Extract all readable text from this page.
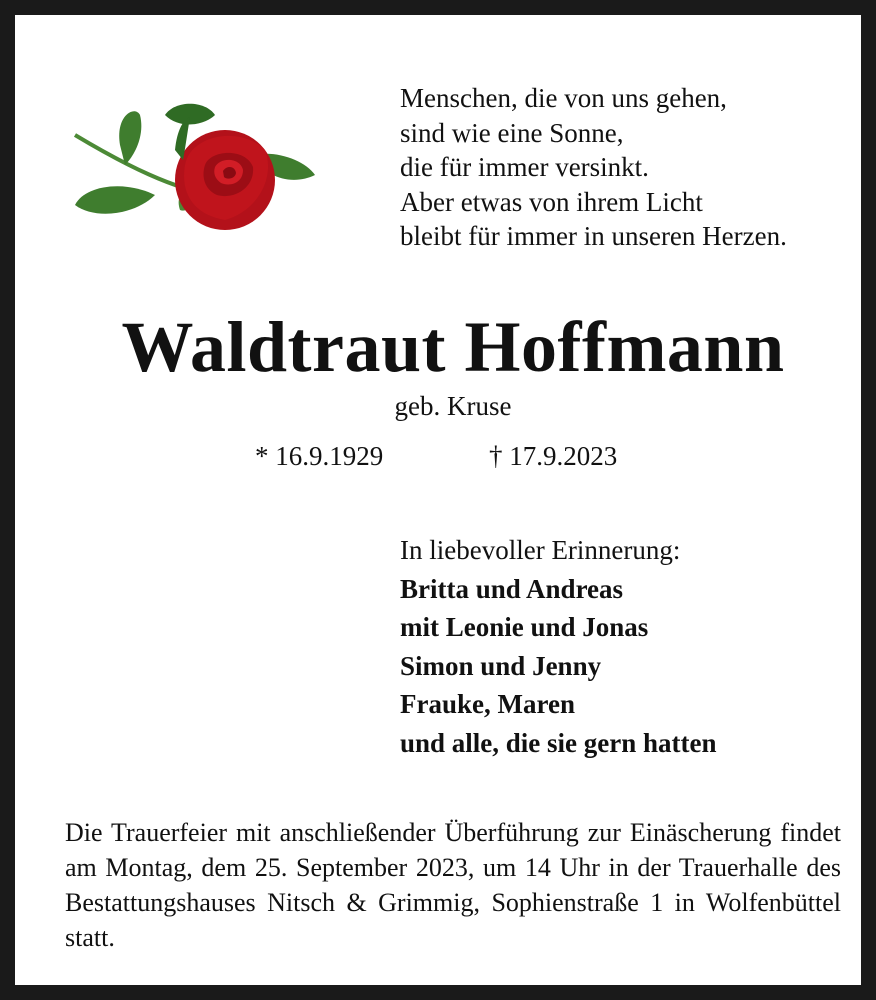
Menschen, die von uns gehen,
sind wie eine Sonne,
die für immer versinkt.
Aber etwas von ihrem Licht
bleibt für immer in unseren Herzen.
Waldtraut Hoffmann
geb. Kruse
* 16.9.1929	† 17.9.2023
In liebevoller Erinnerung:
Britta und Andreas
mit Leonie und Jonas
Simon und Jenny
Frauke, Maren
und alle, die sie gern hatten
Die Trauerfeier mit anschließender Überführung zur Einäscherung findet am Montag, dem 25. September 2023, um 14 Uhr in der Trauerhalle des Bestattungshauses Nitsch & Grimmig, Sophienstraße 1 in Wolfenbüttel statt.
